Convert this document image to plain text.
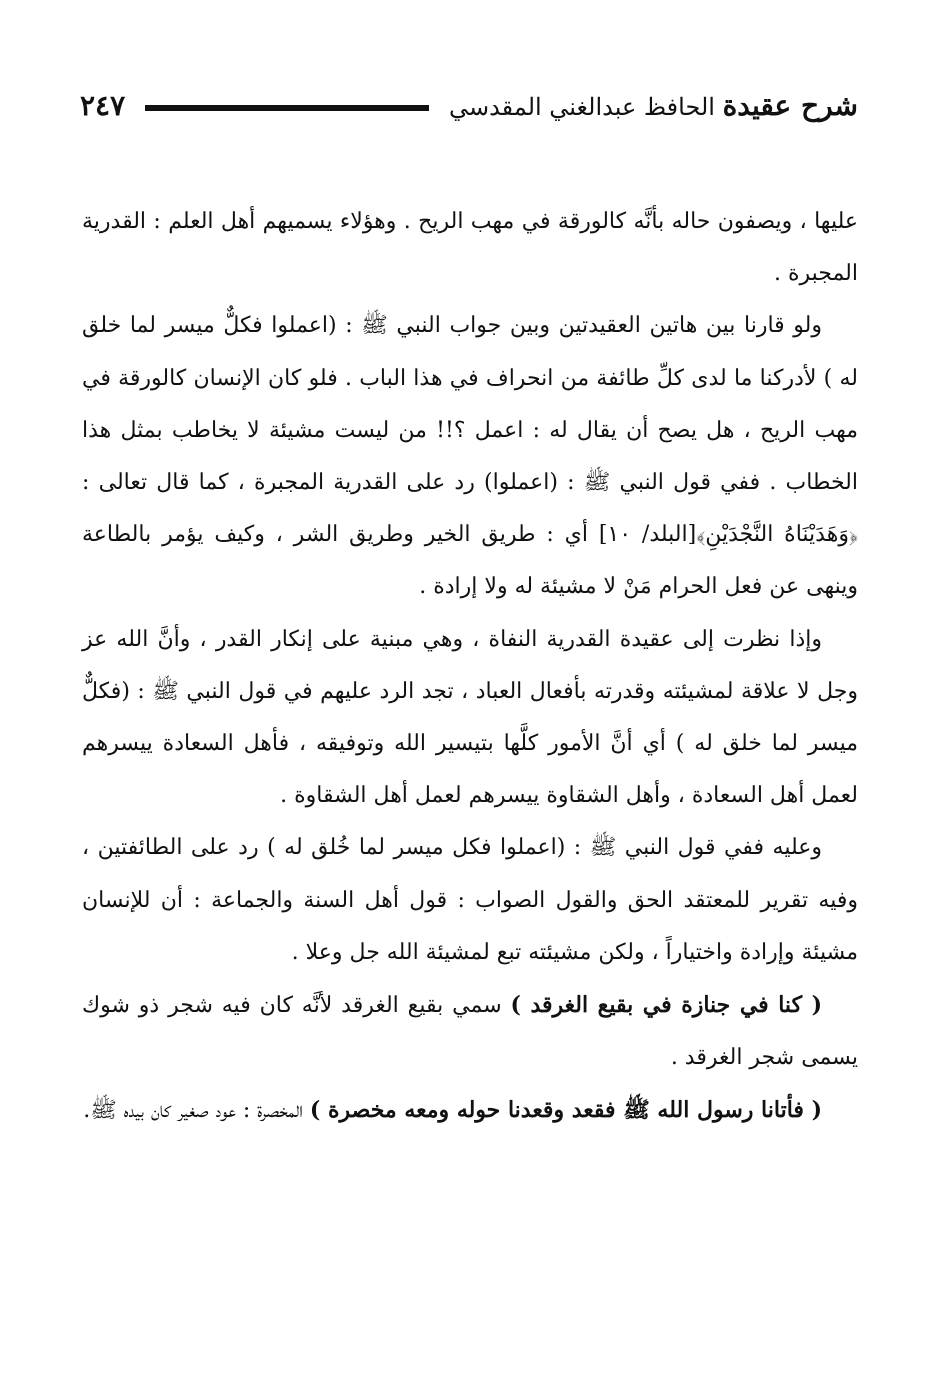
شرح عقيدة الحافظ عبدالغني المقدسي
٢٤٧

عليها ، ويصفون حاله بأنَّه كالورقة في مهب الريح . وهؤلاء يسميهم أهل العلم : القدرية المجبرة .

ولو قارنا بين هاتين العقيدتين وبين جواب النبي ﷺ : (اعملوا فكلٌّ ميسر لما خلق له ) لأدركنا ما لدى كلِّ طائفة من انحراف في هذا الباب . فلو كان الإنسان كالورقة في مهب الريح ، هل يصح أن يقال له : اعمل ؟!! من ليست مشيئة لا يخاطب بمثل هذا الخطاب . ففي قول النبي ﷺ : (اعملوا) رد على القدرية المجبرة ، كما قال تعالى : ﴿وَهَدَيْنَاهُ النَّجْدَيْنِ﴾[البلد/ ١٠] أي : طريق الخير وطريق الشر ، وكيف يؤمر بالطاعة وينهى عن فعل الحرام مَنْ لا مشيئة له ولا إرادة .

وإذا نظرت إلى عقيدة القدرية النفاة ، وهي مبنية على إنكار القدر ، وأنَّ الله عز وجل لا علاقة لمشيئته وقدرته بأفعال العباد ، تجد الرد عليهم في قول النبي ﷺ : (فكلٌّ ميسر لما خلق له ) أي أنَّ الأمور كلَّها بتيسير الله وتوفيقه ، فأهل السعادة ييسرهم لعمل أهل السعادة ، وأهل الشقاوة ييسرهم لعمل أهل الشقاوة .

وعليه ففي قول النبي ﷺ : (اعملوا فكل ميسر لما خُلق له ) رد على الطائفتين ، وفيه تقرير للمعتقد الحق والقول الصواب : قول أهل السنة والجماعة : أن للإنسان مشيئة وإرادة واختياراً ، ولكن مشيئته تبع لمشيئة الله جل وعلا .

( كنا في جنازة في بقيع الغرقد ) سمي بقيع الغرقد لأنَّه كان فيه شجر ذو شوك يسمى شجر الغرقد .

( فأتانا رسول الله ﷺ فقعد وقعدنا حوله ومعه مخصرة ) المخصرة : عود صغير كان بيده ﷺ.
